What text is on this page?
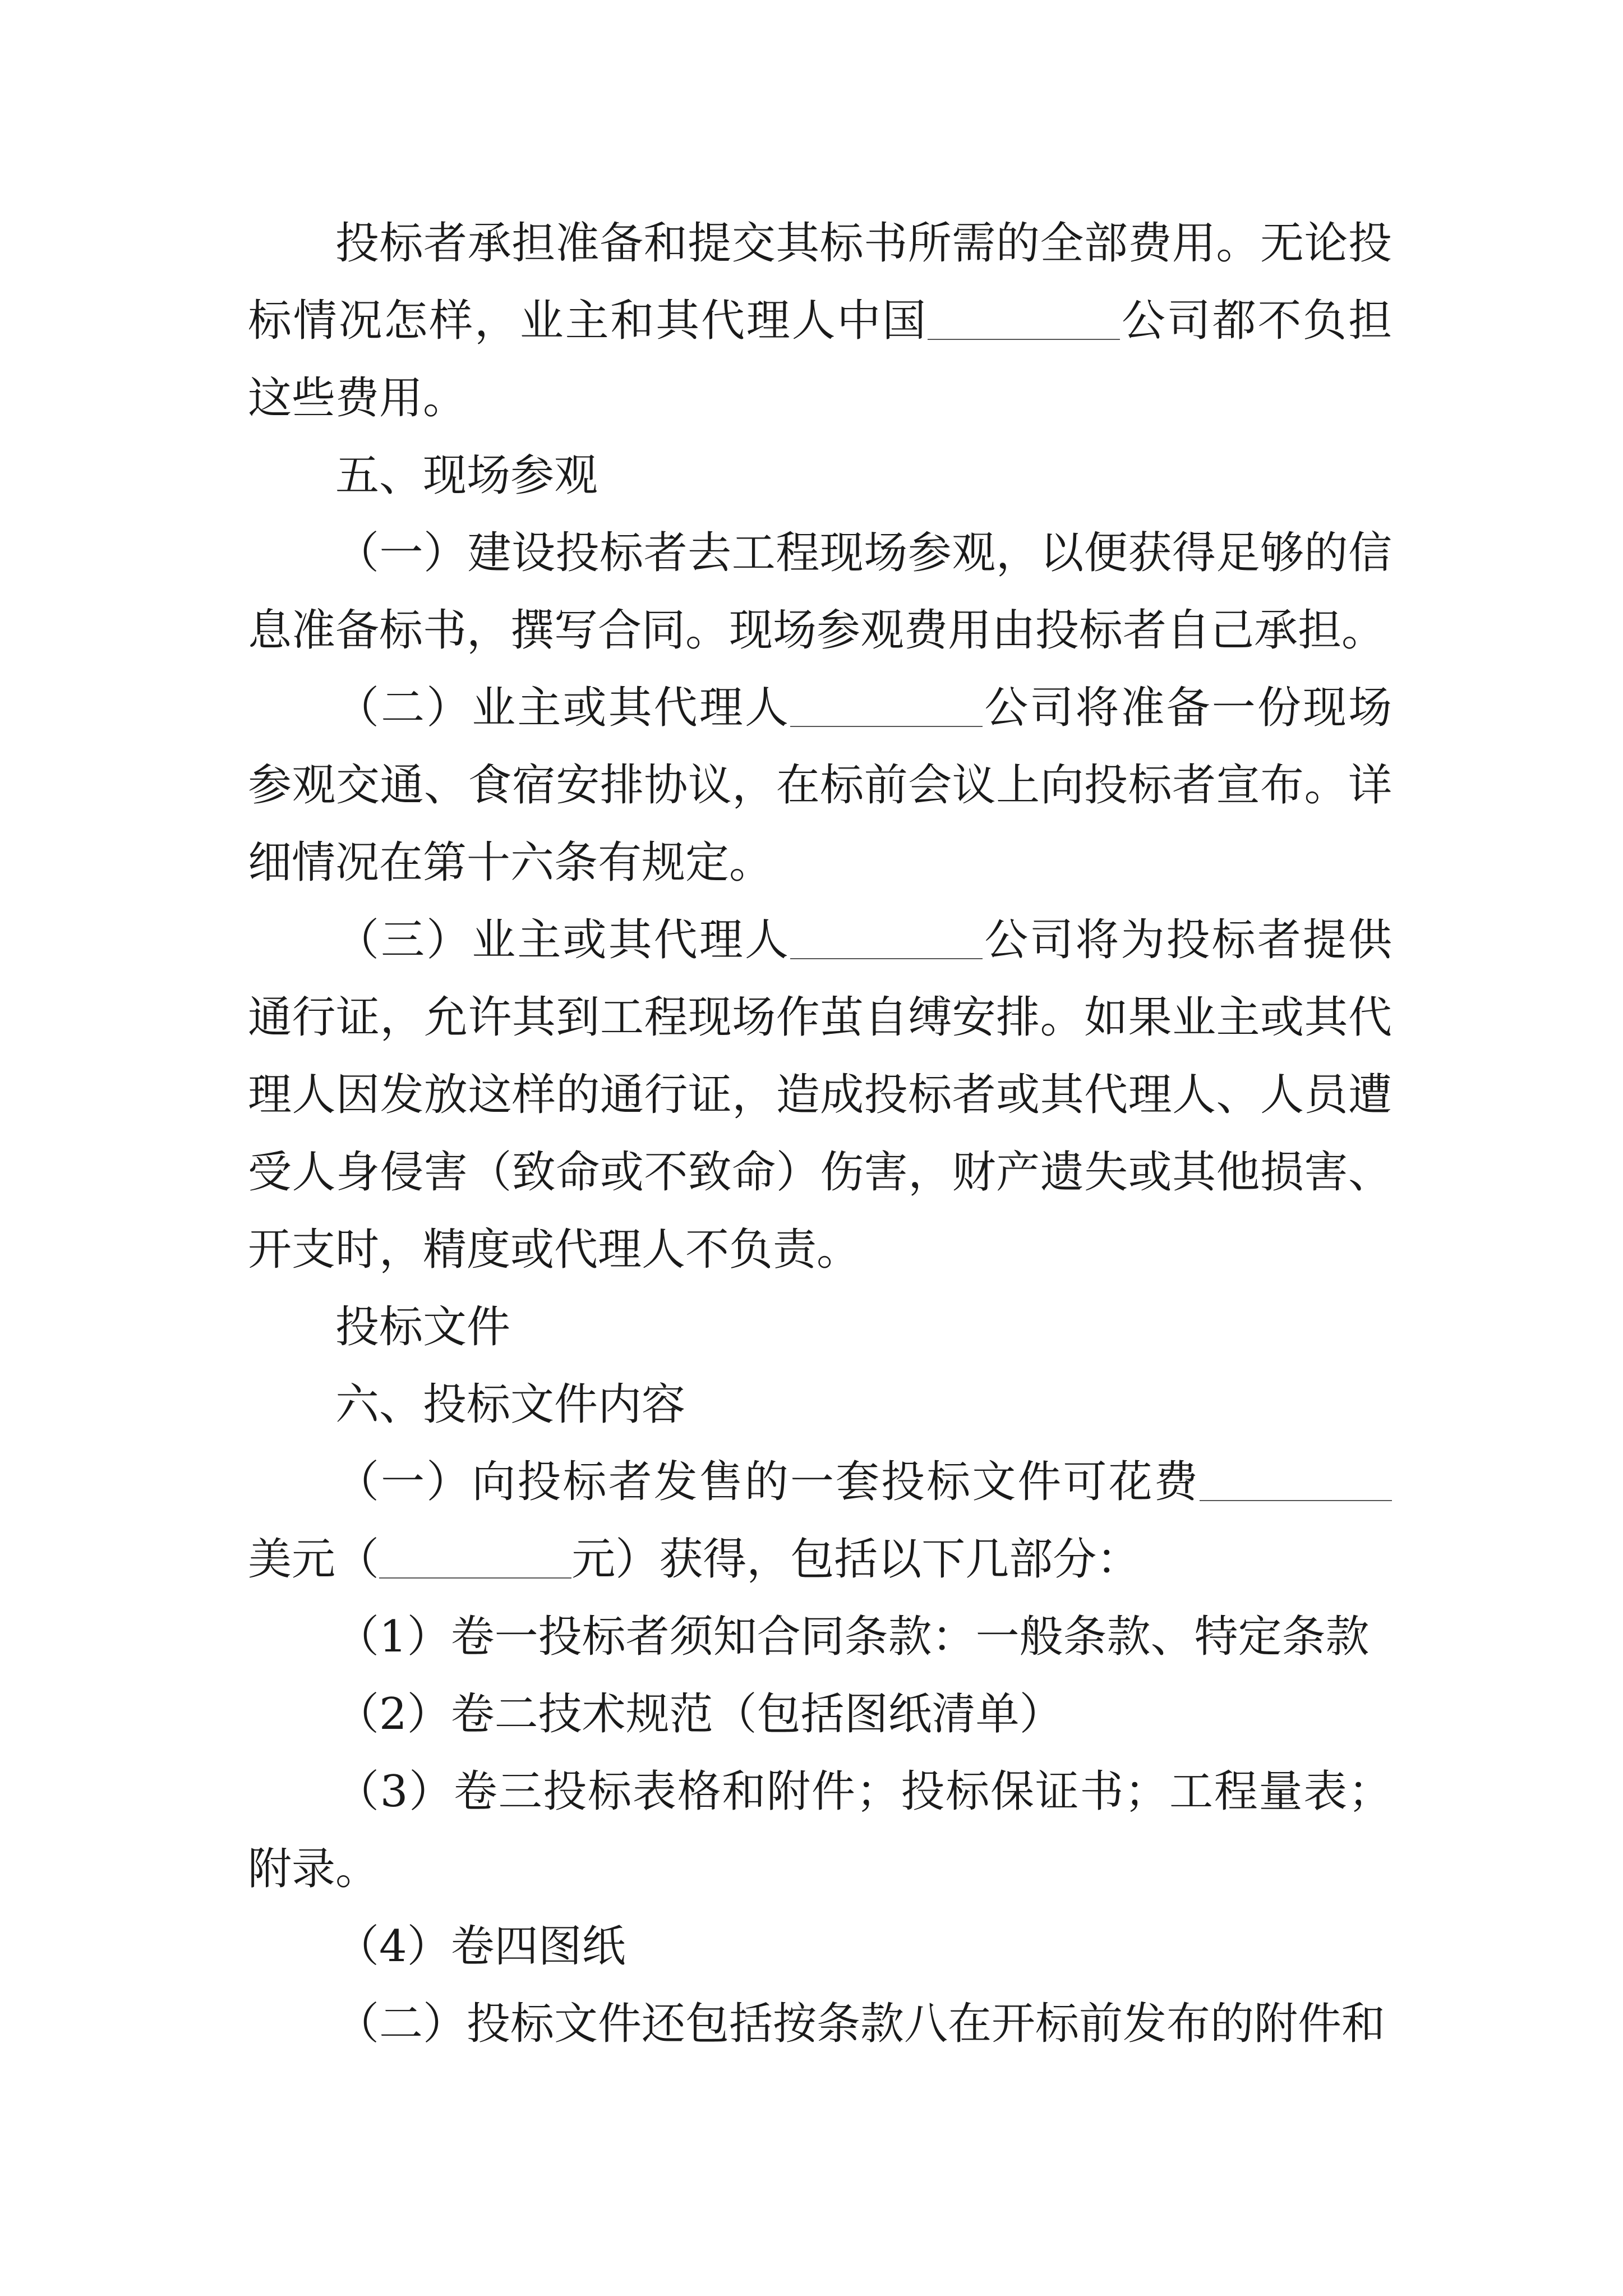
投标者承担准备和提交其标书所需的全部费用。无论投
标情况怎样，业主和其代理人中国	公司都不负担
这些费用。
五、现场参观
（一）建设投标者去工程现场参观，以便获得足够的信
息准备标书，撰写合同。现场参观费用由投标者自己承担。
（二）业主或其代理人	公司将准备一份现场
参观交通、食宿安排协议，在标前会议上向投标者宣布。详
细情况在第十六条有规定。
（三）业主或其代理人	公司将为投标者提供
通行证，允许其到工程现场作茧自缚安排。如果业主或其代
理人因发放这样的通行证，造成投标者或其代理人、人员遭
受人身侵害（致命或不致命）伤害，财产遗失或其他损害、
开支时，精度或代理人不负责。
投标文件
六、投标文件内容
（一）向投标者发售的一套投标文件可花费
美元（	元）获得，包括以下几部分：
（1）卷一投标者须知合同条款：一般条款、特定条款
（2）卷二技术规范（包括图纸清单）
（3）卷三投标表格和附件；投标保证书；工程量表；
附录。
（4）卷四图纸
（二）投标文件还包括按条款八在开标前发布的附件和
